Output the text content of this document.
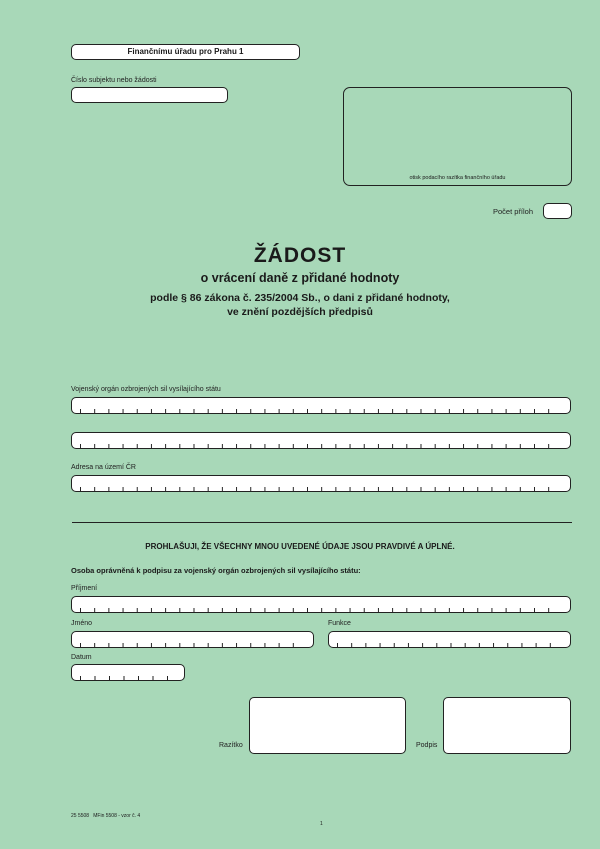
Finančnímu úřadu pro Prahu 1
Číslo subjektu nebo žádosti
otisk podacího razítka finančního úřadu
Počet příloh
ŽÁDOST
o vrácení daně z přidané hodnoty
podle § 86 zákona č. 235/2004 Sb., o dani z přidané hodnoty,
ve znění pozdějších předpisů
Vojenský orgán ozbrojených sil vysílajícího státu
Adresa na území ČR
PROHLAŠUJI, ŽE VŠECHNY MNOU UVEDENÉ ÚDAJE JSOU PRAVDIVÉ A ÚPLNÉ.
Osoba oprávněná k podpisu za vojenský orgán ozbrojených sil vysílajícího státu:
Příjmení
Jméno	Funkce
Datum
Razítko	Podpis
25 5508   MFin 5508 - vzor č. 4
1
